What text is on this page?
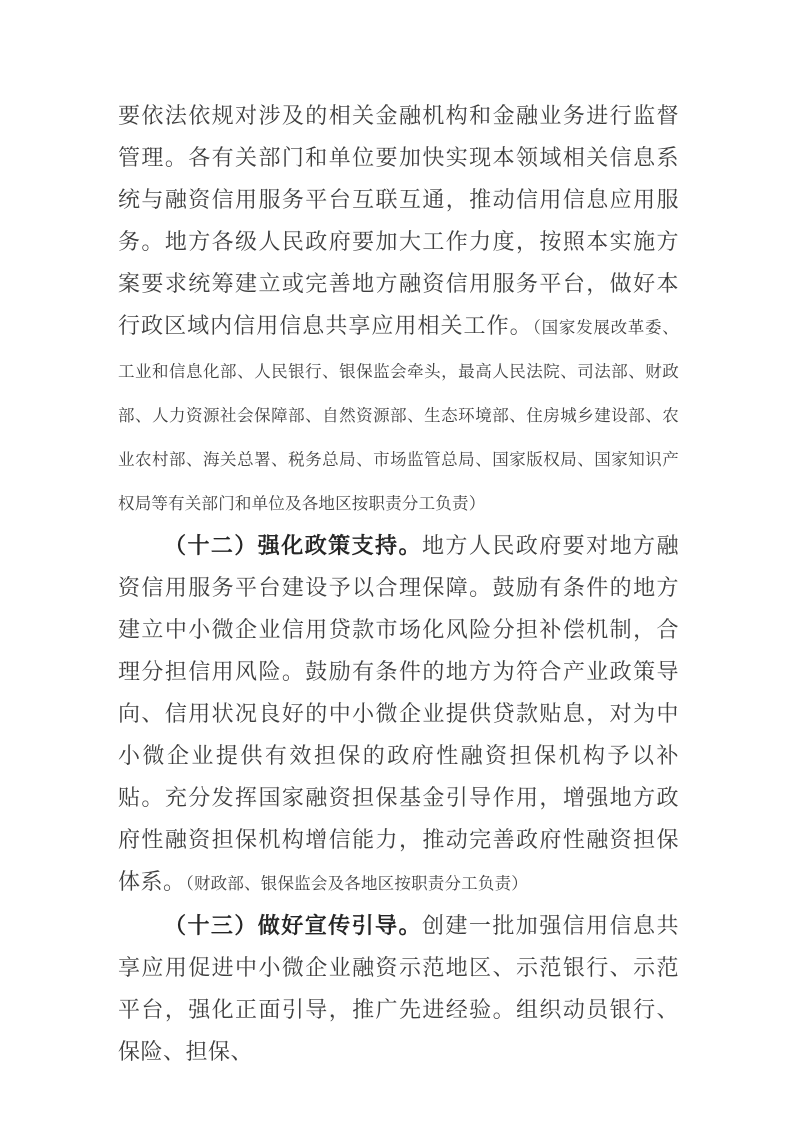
要依法依规对涉及的相关金融机构和金融业务进行监督管理。各有关部门和单位要加快实现本领域相关信息系统与融资信用服务平台互联互通，推动信用信息应用服务。地方各级人民政府要加大工作力度，按照本实施方案要求统筹建立或完善地方融资信用服务平台，做好本行政区域内信用信息共享应用相关工作。（国家发展改革委、工业和信息化部、人民银行、银保监会牵头，最高人民法院、司法部、财政部、人力资源社会保障部、自然资源部、生态环境部、住房城乡建设部、农业农村部、海关总署、税务总局、市场监管总局、国家版权局、国家知识产权局等有关部门和单位及各地区按职责分工负责）

（十二）强化政策支持。地方人民政府要对地方融资信用服务平台建设予以合理保障。鼓励有条件的地方建立中小微企业信用贷款市场化风险分担补偿机制，合理分担信用风险。鼓励有条件的地方为符合产业政策导向、信用状况良好的中小微企业提供贷款贴息，对为中小微企业提供有效担保的政府性融资担保机构予以补贴。充分发挥国家融资担保基金引导作用，增强地方政府性融资担保机构增信能力，推动完善政府性融资担保体系。（财政部、银保监会及各地区按职责分工负责）

（十三）做好宣传引导。创建一批加强信用信息共享应用促进中小微企业融资示范地区、示范银行、示范平台，强化正面引导，推广先进经验。组织动员银行、保险、担保、
